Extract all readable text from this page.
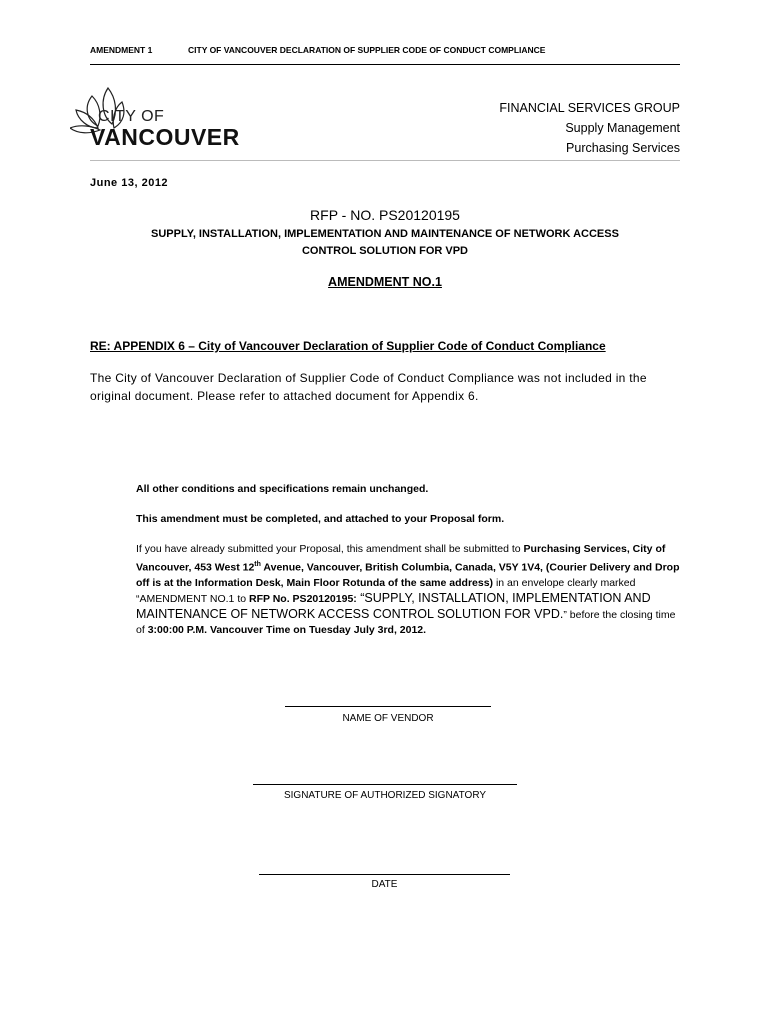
AMENDMENT 1	CITY OF VANCOUVER DECLARATION OF SUPPLIER CODE OF CONDUCT COMPLIANCE
CITY OF
VANCOUVER
FINANCIAL SERVICES GROUP
Supply Management
Purchasing Services
June 13, 2012
RFP - NO. PS20120195
SUPPLY, INSTALLATION, IMPLEMENTATION AND MAINTENANCE OF NETWORK ACCESS
CONTROL SOLUTION FOR VPD
AMENDMENT NO.1
RE: APPENDIX 6 – City of Vancouver Declaration of Supplier Code of Conduct Compliance
The City of Vancouver Declaration of Supplier Code of Conduct Compliance was not included in the original document. Please refer to attached document for Appendix 6.
All other conditions and specifications remain unchanged.
This amendment must be completed, and attached to your Proposal form.
If you have already submitted your Proposal, this amendment shall be submitted to Purchasing Services, City of Vancouver, 453 West 12th Avenue, Vancouver, British Columbia, Canada, V5Y 1V4, (Courier Delivery and Drop off is at the Information Desk, Main Floor Rotunda of the same address) in an envelope clearly marked “AMENDMENT NO.1 to RFP No. PS20120195: “SUPPLY, INSTALLATION, IMPLEMENTATION AND MAINTENANCE OF NETWORK ACCESS CONTROL SOLUTION FOR VPD.” before the closing time of 3:00:00 P.M. Vancouver Time on Tuesday July 3rd, 2012.
NAME OF VENDOR
SIGNATURE OF AUTHORIZED SIGNATORY
DATE
